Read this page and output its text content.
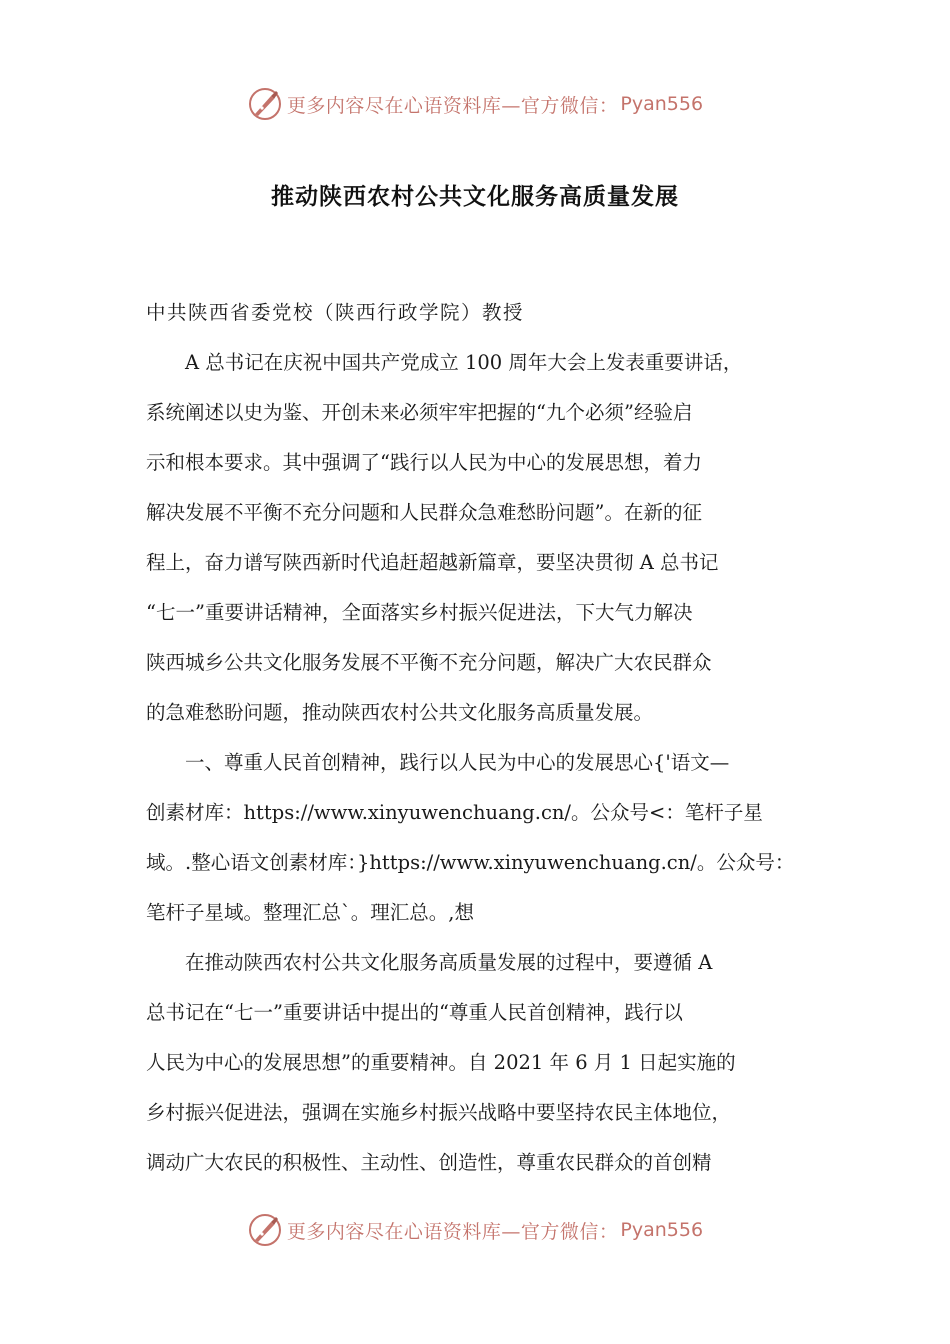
更多内容尽在心语资料库—官方微信： Pyan556
推动陕西农村公共文化服务高质量发展
中共陕西省委党校（陕西行政学院）教授
　　A 总书记在庆祝中国共产党成立 100 周年大会上发表重要讲话，
系统阐述以史为鉴、开创未来必须牢牢把握的“九个必须”经验启
示和根本要求。其中强调了“践行以人民为中心的发展思想，着力
解决发展不平衡不充分问题和人民群众急难愁盼问题”。在新的征
程上，奋力谱写陕西新时代追赶超越新篇章，要坚决贯彻 A 总书记
“七一”重要讲话精神，全面落实乡村振兴促进法，下大气力解决
陕西城乡公共文化服务发展不平衡不充分问题，解决广大农民群众
的急难愁盼问题，推动陕西农村公共文化服务高质量发展。
　　一、尊重人民首创精神，践行以人民为中心的发展思心{'语文—
创素材库：https://www.xinyuwenchuang.cn/。公众号<：笔杆子星
域。.整心语文创素材库：}https://www.xinyuwenchuang.cn/。公众号：
笔杆子星域。整理汇总`。理汇总。,想
　　在推动陕西农村公共文化服务高质量发展的过程中，要遵循 A
总书记在“七一”重要讲话中提出的“尊重人民首创精神，践行以
人民为中心的发展思想”的重要精神。自 2021 年 6 月 1 日起实施的
乡村振兴促进法，强调在实施乡村振兴战略中要坚持农民主体地位，
调动广大农民的积极性、主动性、创造性，尊重农民群众的首创精
更多内容尽在心语资料库—官方微信： Pyan556
